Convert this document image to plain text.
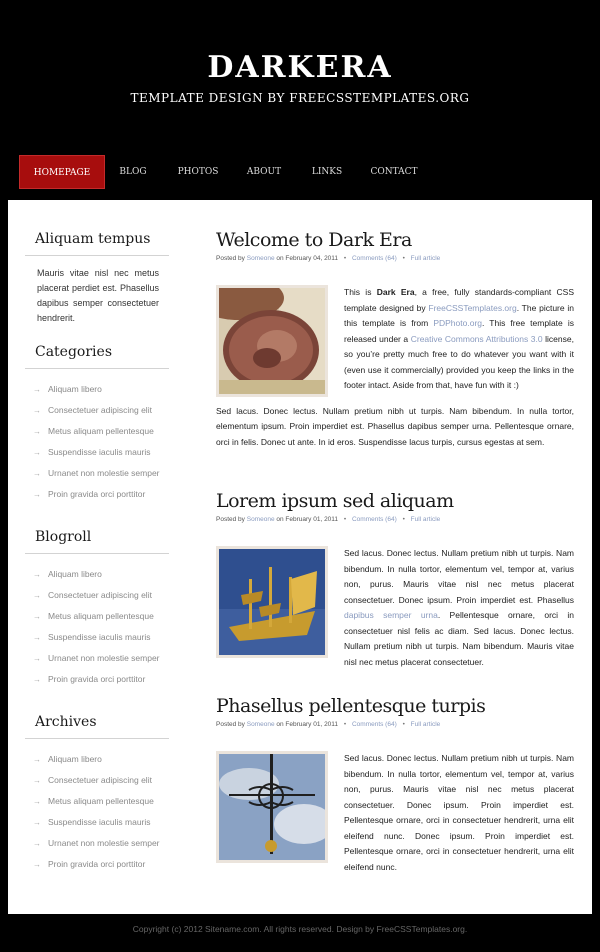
DARKERA
TEMPLATE DESIGN BY FREECSSTEMPLATES.ORG
HOMEPAGE	BLOG	PHOTOS	ABOUT	LINKS	CONTACT
Aliquam tempus
Mauris vitae nisl nec metus placerat perdiet est. Phasellus dapibus semper consectetuer hendrerit.
Categories
→ Aliquam libero
→ Consectetuer adipiscing elit
→ Metus aliquam pellentesque
→ Suspendisse iaculis mauris
→ Urnanet non molestie semper
→ Proin gravida orci porttitor
Blogroll
→ Aliquam libero
→ Consectetuer adipiscing elit
→ Metus aliquam pellentesque
→ Suspendisse iaculis mauris
→ Urnanet non molestie semper
→ Proin gravida orci porttitor
Archives
→ Aliquam libero
→ Consectetuer adipiscing elit
→ Metus aliquam pellentesque
→ Suspendisse iaculis mauris
→ Urnanet non molestie semper
→ Proin gravida orci porttitor
Welcome to Dark Era
Posted by Someone on February 04, 2011 • Comments (64) • Full article
This is Dark Era, a free, fully standards-compliant CSS template designed by FreeCSSTemplates.org. The picture in this template is from PDPhoto.org. This free template is released under a Creative Commons Attributions 3.0 license, so you’re pretty much free to do whatever you want with it (even use it commercially) provided you keep the links in the footer intact. Aside from that, have fun with it :)
Sed lacus. Donec lectus. Nullam pretium nibh ut turpis. Nam bibendum. In nulla tortor, elementum ipsum. Proin imperdiet est. Phasellus dapibus semper urna. Pellentesque ornare, orci in felis. Donec ut ante. In id eros. Suspendisse lacus turpis, cursus egestas at sem.
Lorem ipsum sed aliquam
Posted by Someone on February 01, 2011 • Comments (64) • Full article
Sed lacus. Donec lectus. Nullam pretium nibh ut turpis. Nam bibendum. In nulla tortor, elementum vel, tempor at, varius non, purus. Mauris vitae nisl nec metus placerat consectetuer. Donec ipsum. Proin imperdiet est. Phasellus dapibus semper urna. Pellentesque ornare, orci in consectetuer nisl felis ac diam. Sed lacus. Donec lectus. Nullam pretium nibh ut turpis. Nam bibendum. Mauris vitae nisl nec metus placerat consectetuer.
Phasellus pellentesque turpis
Posted by Someone on February 01, 2011 • Comments (64) • Full article
Sed lacus. Donec lectus. Nullam pretium nibh ut turpis. Nam bibendum. In nulla tortor, elementum vel, tempor at, varius non, purus. Mauris vitae nisl nec metus placerat consectetuer. Donec ipsum. Proin imperdiet est. Pellentesque ornare, orci in consectetuer hendrerit, urna elit eleifend nunc. Donec ipsum. Proin imperdiet est. Pellentesque ornare, orci in consectetuer hendrerit, urna elit eleifend nunc.
Copyright (c) 2012 Sitename.com. All rights reserved. Design by FreeCSSTemplates.org.
